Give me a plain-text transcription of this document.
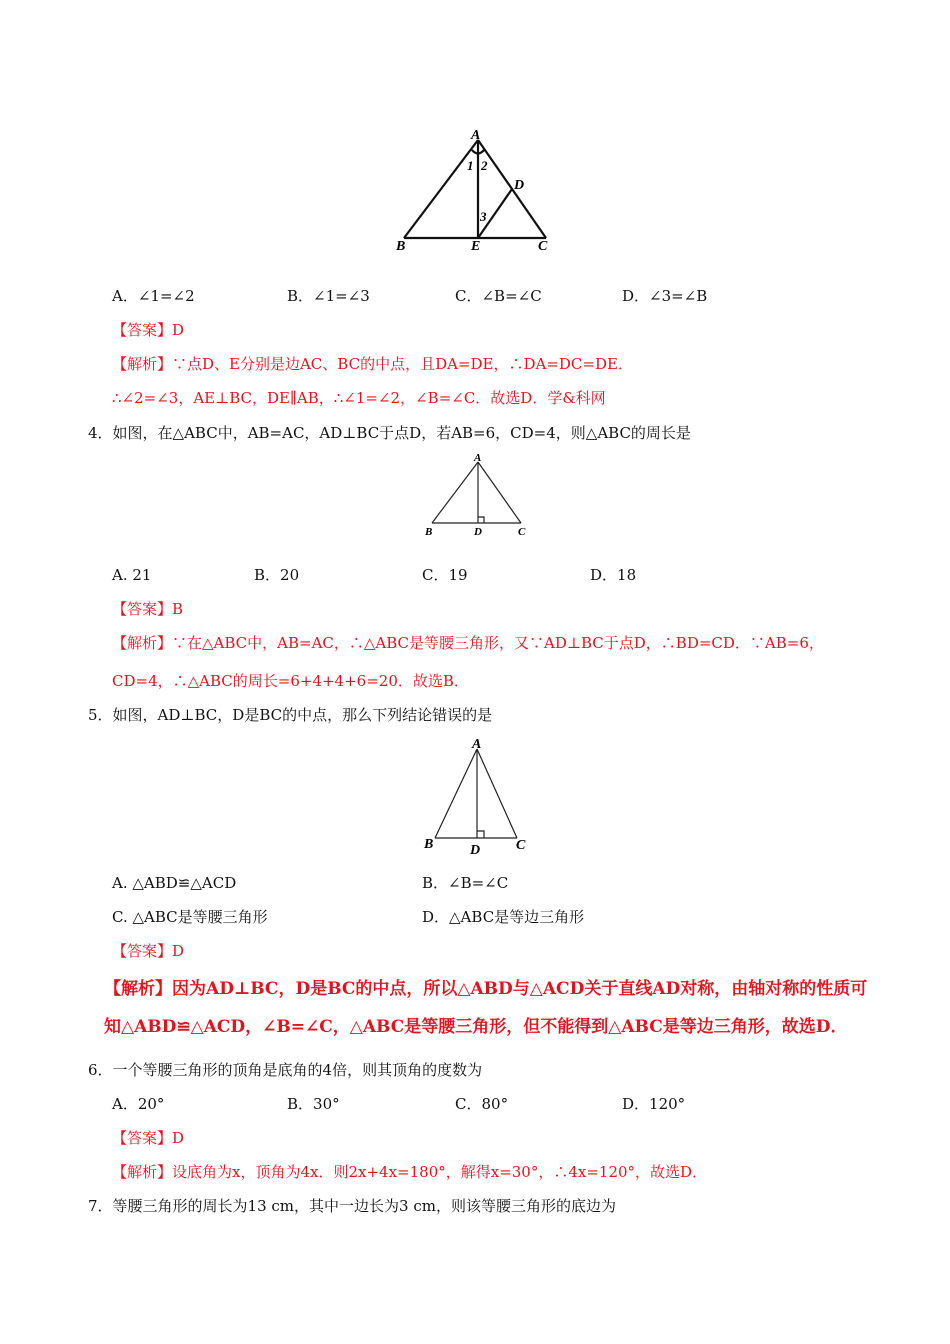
A
B	C
D
E
1 2
3
A．∠1=∠2	B．∠1=∠3	C．∠B=∠C	D．∠3=∠B
【答案】D
【解析】∵点D、E分别是边AC、BC的中点，且DA=DE，∴DA=DC=DE．
∴∠2=∠3，AE⊥BC，DE∥AB，∴∠1=∠2，∠B=∠C．故选D．学&科网
4．如图，在△ABC中，AB=AC，AD⊥BC于点D，若AB=6，CD=4，则△ABC的周长是
A
B	C
D
A. 21	B．20	C．19	D．18
【答案】B
【解析】∵在△ABC中，AB=AC，∴△ABC是等腰三角形，又∵AD⊥BC于点D，∴BD=CD．∵AB=6，
CD=4，∴△ABC的周长=6+4+4+6=20．故选B．
5．如图，AD⊥BC，D是BC的中点，那么下列结论错误的是
A
B	C
D
A. △ABD≌△ACD	B．∠B=∠C
C. △ABC是等腰三角形	D．△ABC是等边三角形
【答案】D
【解析】因为AD⊥BC，D是BC的中点，所以△ABD与△ACD关于直线AD对称，由轴对称的性质可
知△ABD≌△ACD，∠B=∠C，△ABC是等腰三角形，但不能得到△ABC是等边三角形，故选D．
6．一个等腰三角形的顶角是底角的4倍，则其顶角的度数为
A．20°	B．30°	C．80°	D．120°
【答案】D
【解析】设底角为x，顶角为4x．则2x+4x=180°，解得x=30°，∴4x=120°，故选D．
7．等腰三角形的周长为13 cm，其中一边长为3 cm，则该等腰三角形的底边为
